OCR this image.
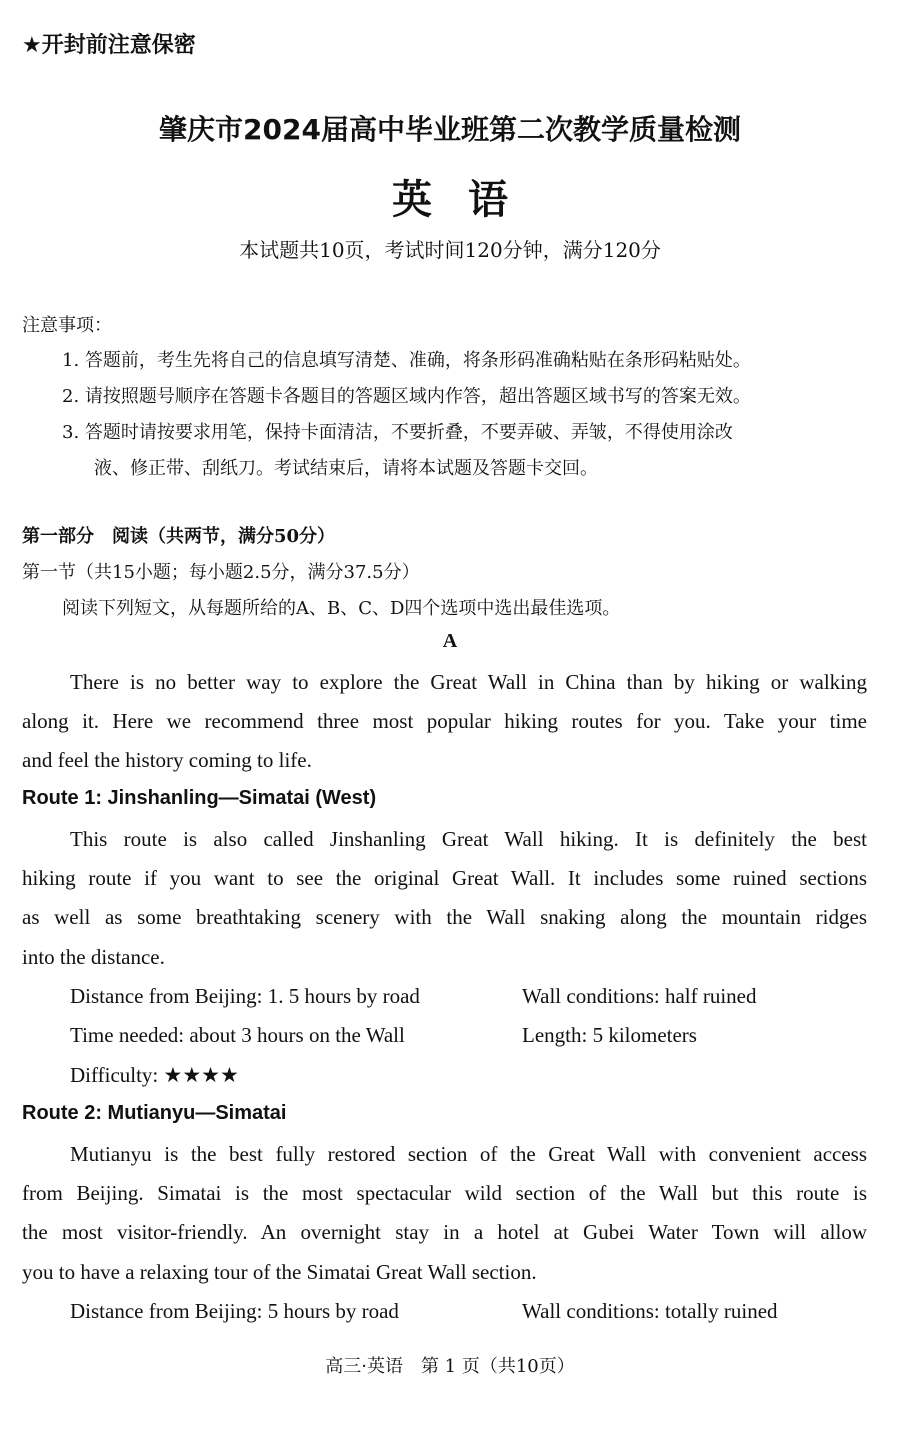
★开封前注意保密
肇庆市2024届高中毕业班第二次教学质量检测
英语
本试题共10页，考试时间120分钟，满分120分
注意事项：
1. 答题前，考生先将自己的信息填写清楚、准确，将条形码准确粘贴在条形码粘贴处。
2. 请按照题号顺序在答题卡各题目的答题区域内作答，超出答题区域书写的答案无效。
3. 答题时请按要求用笔，保持卡面清洁，不要折叠，不要弄破、弄皱，不得使用涂改
液、修正带、刮纸刀。考试结束后，请将本试题及答题卡交回。
第一部分　阅读（共两节，满分50分）
第一节（共15小题；每小题2.5分，满分37.5分）
阅读下列短文，从每题所给的A、B、C、D四个选项中选出最佳选项。
A
There is no better way to explore the Great Wall in China than by hiking or walking
along it. Here we recommend three most popular hiking routes for you. Take your time
and feel the history coming to life.
Route 1: Jinshanling—Simatai (West)
This route is also called Jinshanling Great Wall hiking. It is definitely the best
hiking route if you want to see the original Great Wall. It includes some ruined sections
as well as some breathtaking scenery with the Wall snaking along the mountain ridges
into the distance.
Distance from Beijing: 1. 5 hours by road	Wall conditions: half ruined
Time needed: about 3 hours on the Wall	Length: 5 kilometers
Difficulty: ★★★★
Route 2: Mutianyu—Simatai
Mutianyu is the best fully restored section of the Great Wall with convenient access
from Beijing. Simatai is the most spectacular wild section of the Wall but this route is
the most visitor-friendly. An overnight stay in a hotel at Gubei Water Town will allow
you to have a relaxing tour of the Simatai Great Wall section.
Distance from Beijing: 5 hours by road	Wall conditions: totally ruined
高三·英语　第 1 页（共10页）
